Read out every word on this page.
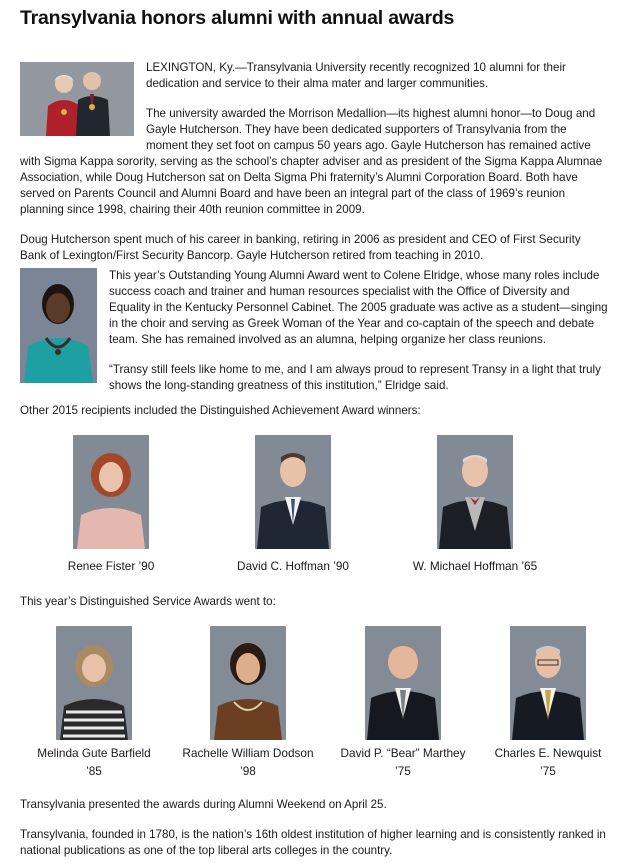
Transylvania honors alumni with annual awards

LEXINGTON, Ky.—Transylvania University recently recognized 10 alumni for their dedication and service to their alma mater and larger communities.

The university awarded the Morrison Medallion—its highest alumni honor—to Doug and Gayle Hutcherson. They have been dedicated supporters of Transylvania from the moment they set foot on campus 50 years ago. Gayle Hutcherson has remained active with Sigma Kappa sorority, serving as the school’s chapter adviser and as president of the Sigma Kappa Alumnae Association, while Doug Hutcherson sat on Delta Sigma Phi fraternity’s Alumni Corporation Board. Both have served on Parents Council and Alumni Board and have been an integral part of the class of 1969’s reunion planning since 1998, chairing their 40th reunion committee in 2009.

Doug Hutcherson spent much of his career in banking, retiring in 2006 as president and CEO of First Security Bank of Lexington/First Security Bancorp. Gayle Hutcherson retired from teaching in 2010.

This year’s Outstanding Young Alumni Award went to Colene Elridge, whose many roles include success coach and trainer and human resources specialist with the Office of Diversity and Equality in the Kentucky Personnel Cabinet. The 2005 graduate was active as a student—singing in the choir and serving as Greek Woman of the Year and co-captain of the speech and debate team. She has remained involved as an alumna, helping organize her class reunions.

“Transy still feels like home to me, and I am always proud to represent Transy in a light that truly shows the long-standing greatness of this institution,” Elridge said.

Other 2015 recipients included the Distinguished Achievement Award winners:

Renee Fister ’90	David C. Hoffman ’90	W. Michael Hoffman ’65

This year’s Distinguished Service Awards went to:

Melinda Gute Barfield
’85
Rachelle William Dodson
’98
David P. “Bear” Marthey
’75
Charles E. Newquist
’75

Transylvania presented the awards during Alumni Weekend on April 25.

Transylvania, founded in 1780, is the nation’s 16th oldest institution of higher learning and is consistently ranked in national publications as one of the top liberal arts colleges in the country.
